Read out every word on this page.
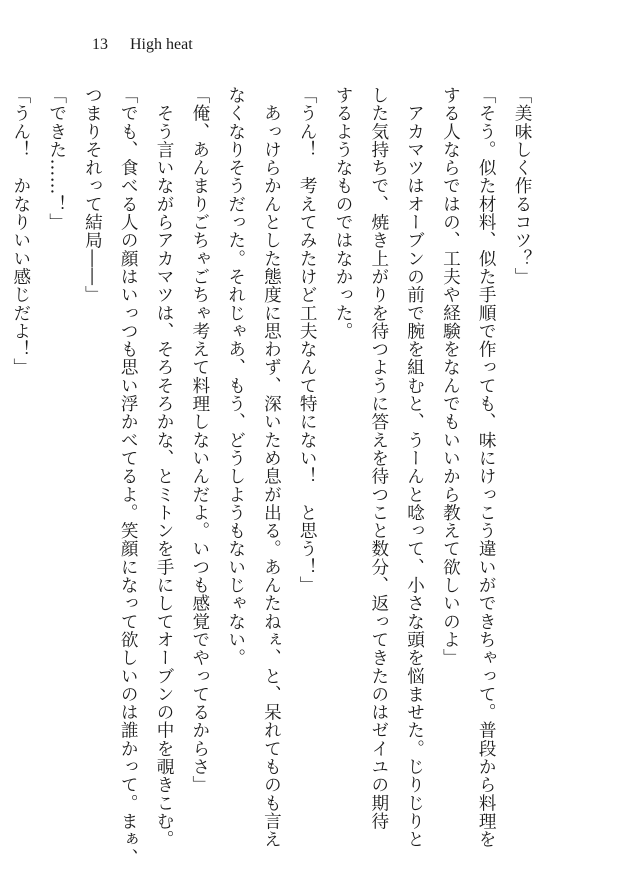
13 High heat

「美味しく作るコツ？」

「そう。似た材料、似た手順で作っても、味にけっこう違いができちゃって。普段から料理を

する人ならではの、工夫や経験をなんでもいいから教えて欲しいのよ」

　アカマツはオーブンの前で腕を組むと、うーんと唸って、小さな頭を悩ませた。じりじりと

した気持ちで、焼き上がりを待つように答えを待つこと数分、返ってきたのはゼイユの期待

するようなものではなかった。

「うん！　考えてみたけど工夫なんて特にない！　と思う！」

　あっけらかんとした態度に思わず、深いため息が出る。あんたねぇ、と、呆れてものも言え

なくなりそうだった。それじゃあ、もう、どうしようもないじゃない。

「俺、あんまりごちゃごちゃ考えて料理しないんだよ。いつも感覚でやってるからさ」

　そう言いながらアカマツは、そろそろかな、とミトンを手にしてオーブンの中を覗きこむ。

「でも、食べる人の顔はいっつも思い浮かべてるよ。笑顔になって欲しいのは誰かって。まぁ、

つまりそれって結局――」

「できた……！」

「うん！　かなりいい感じだよ！」
